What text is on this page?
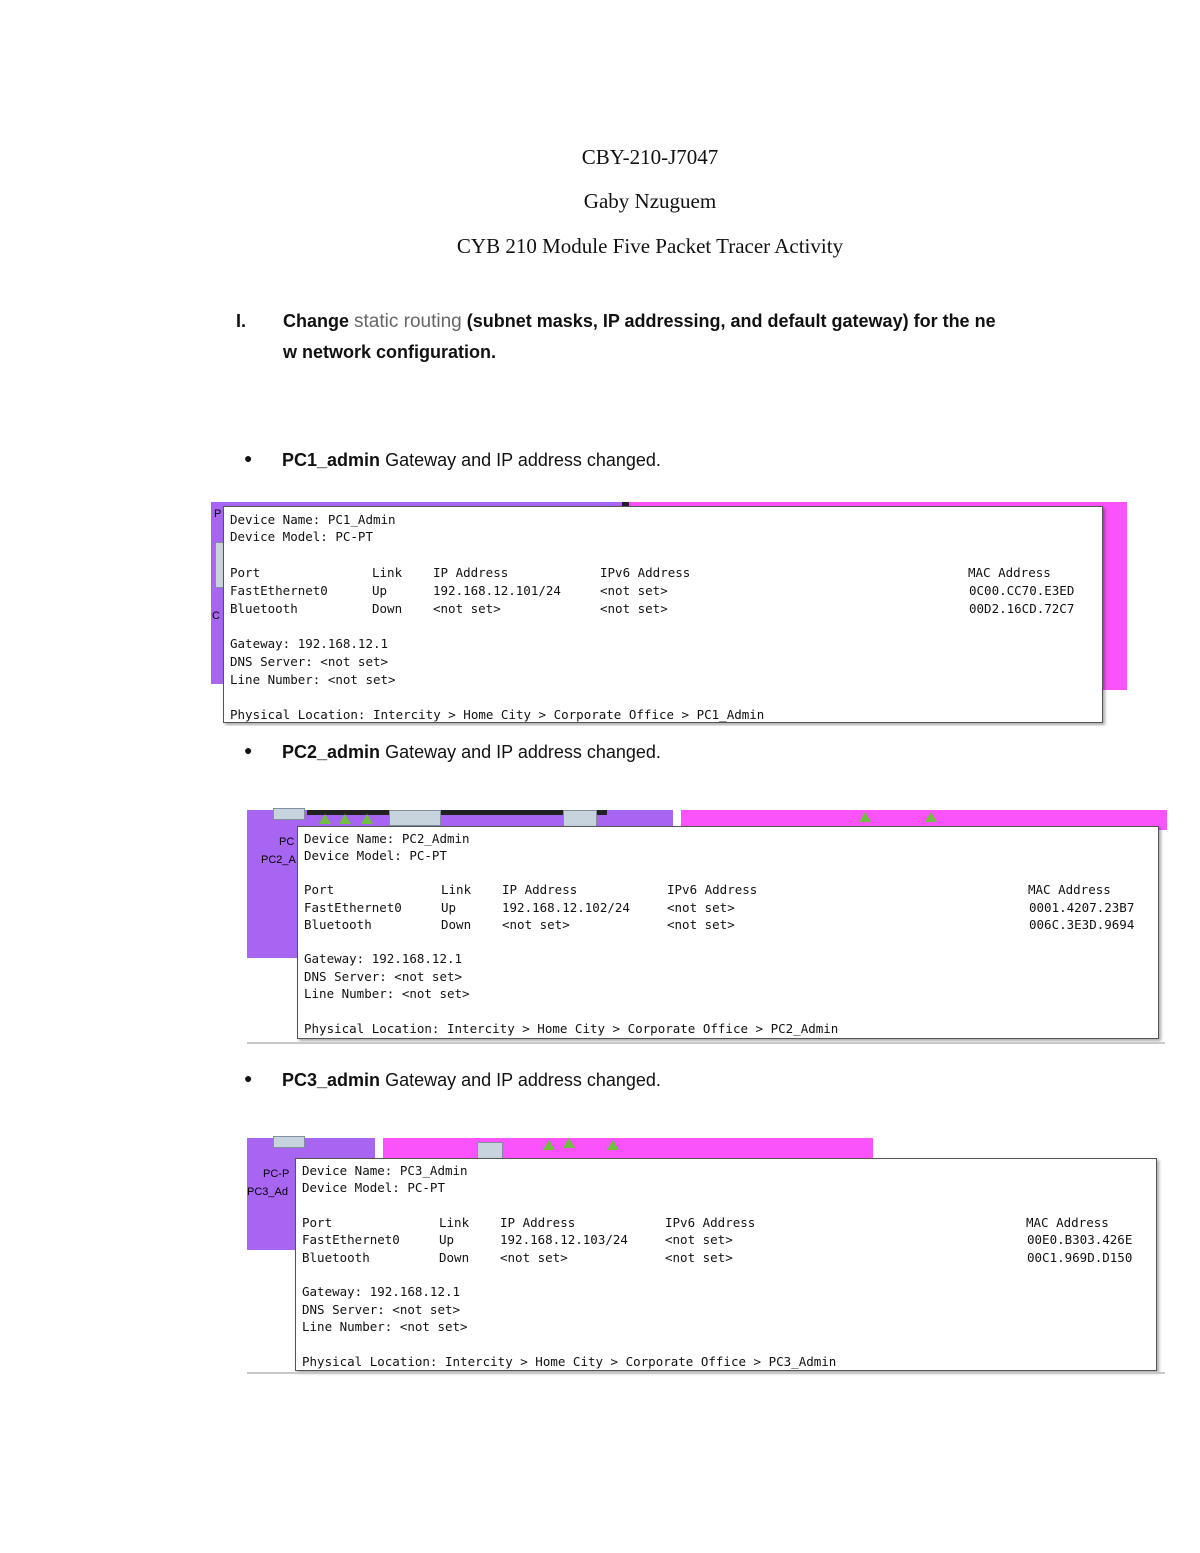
CBY-210-J7047
Gaby Nzuguem
CYB 210 Module Five Packet Tracer Activity
I. Change static routing (subnet masks, IP addressing, and default gateway) for the ne
w network configuration.
● PC1_admin Gateway and IP address changed.
P
C
Device Name: PC1_Admin
Device Model: PC-PT
Port	Link IP Address	IPv6 Address	MAC Address
FastEthernet0	Up	192.168.12.101/24	<not set>	0C00.CC70.E3ED
Bluetooth	Down <not set>	<not set>	00D2.16CD.72C7
Gateway: 192.168.12.1
DNS Server: <not set>
Line Number: <not set>
Physical Location: Intercity > Home City > Corporate Office > PC1_Admin
● PC2_admin Gateway and IP address changed.
PC
PC2_A
Device Name: PC2_Admin
Device Model: PC-PT
Port	Link IP Address	IPv6 Address	MAC Address
FastEthernet0	Up	192.168.12.102/24	<not set>	0001.4207.23B7
Bluetooth	Down <not set>	<not set>	006C.3E3D.9694
Gateway: 192.168.12.1
DNS Server: <not set>
Line Number: <not set>
Physical Location: Intercity > Home City > Corporate Office > PC2_Admin
● PC3_admin Gateway and IP address changed.
PC-P
PC3_Ad
Device Name: PC3_Admin
Device Model: PC-PT
Port	Link IP Address	IPv6 Address	MAC Address
FastEthernet0	Up	192.168.12.103/24	<not set>	00E0.B303.426E
Bluetooth	Down <not set>	<not set>	00C1.969D.D150
Gateway: 192.168.12.1
DNS Server: <not set>
Line Number: <not set>
Physical Location: Intercity > Home City > Corporate Office > PC3_Admin
